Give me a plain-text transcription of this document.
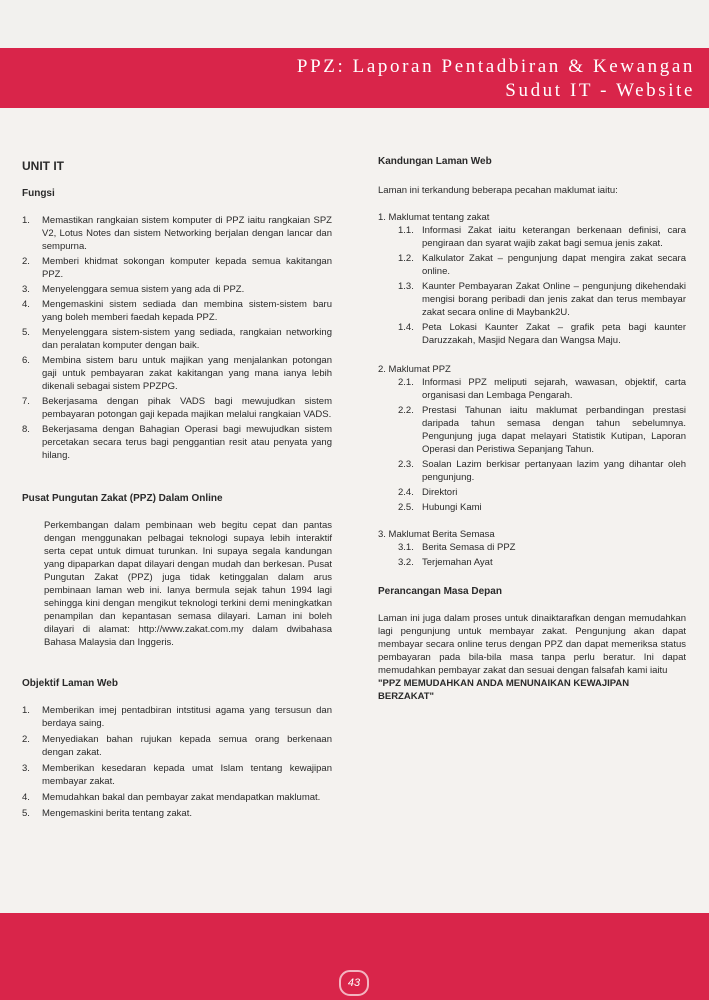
PPZ: Laporan Pentadbiran & Kewangan
Sudut IT - Website
UNIT IT
Fungsi
1. Memastikan rangkaian sistem komputer di PPZ iaitu rangkaian SPZ V2, Lotus Notes dan sistem Networking berjalan dengan lancar dan sempurna.
2. Memberi khidmat sokongan komputer kepada semua kakitangan PPZ.
3. Menyelenggara semua sistem yang ada di PPZ.
4. Mengemaskini sistem sediada dan membina sistem-sistem baru yang boleh memberi faedah kepada PPZ.
5. Menyelenggara sistem-sistem yang sediada, rangkaian networking dan peralatan komputer dengan baik.
6. Membina sistem baru untuk majikan yang menjalankan potongan gaji untuk pembayaran zakat kakitangan yang mana ianya lebih dikenali sebagai sistem PPZPG.
7. Bekerjasama dengan pihak VADS bagi mewujudkan sistem pembayaran potongan gaji kepada majikan melalui rangkaian VADS.
8. Bekerjasama dengan Bahagian Operasi bagi mewujudkan sistem percetakan secara terus bagi penggantian resit atau penyata yang hilang.
Pusat Pungutan Zakat (PPZ) Dalam Online

Perkembangan dalam pembinaan web begitu cepat dan pantas dengan menggunakan pelbagai teknologi supaya lebih interaktif serta cepat untuk dimuat turunkan. Ini supaya segala kandungan yang dipaparkan dapat dilayari dengan mudah dan berkesan. Pusat Pungutan Zakat (PPZ) juga tidak ketinggalan dalam arus pembinaan laman web ini. Ianya bermula sejak tahun 1994 lagi sehingga kini dengan mengikut teknologi terkini demi meningkatkan penampilan dan kepantasan semasa dilayari. Laman ini boleh dilayari di alamat: http://www.zakat.com.my dalam dwibahasa Bahasa Malaysia dan Inggeris.

Objektif Laman Web
1. Memberikan imej pentadbiran intstitusi agama yang tersusun dan berdaya saing.
2. Menyediakan bahan rujukan kepada semua orang berkenaan dengan zakat.
3. Memberikan kesedaran kepada umat Islam tentang kewajipan membayar zakat.
4. Memudahkan bakal dan pembayar zakat mendapatkan maklumat.
5. Mengemaskini berita tentang zakat.
Kandungan Laman Web

Laman ini terkandung beberapa pecahan maklumat iaitu:

1. Maklumat tentang zakat
1.1. Informasi Zakat iaitu keterangan berkenaan definisi, cara pengiraan dan syarat wajib zakat bagi semua jenis zakat.
1.2. Kalkulator Zakat – pengunjung dapat mengira zakat secara online.
1.3. Kaunter Pembayaran Zakat Online – pengunjung dikehendaki mengisi borang peribadi dan jenis zakat dan terus membayar zakat secara online di Maybank2U.
1.4. Peta Lokasi Kaunter Zakat – grafik peta bagi kaunter Daruzzakah, Masjid Negara dan Wangsa Maju.
2. Maklumat PPZ
2.1. Informasi PPZ meliputi sejarah, wawasan, objektif, carta organisasi dan Lembaga Pengarah.
2.2. Prestasi Tahunan iaitu maklumat perbandingan prestasi daripada tahun semasa dengan tahun sebelumnya. Pengunjung juga dapat melayari Statistik Kutipan, Laporan Operasi dan Peristiwa Sepanjang Tahun.
2.3. Soalan Lazim berkisar pertanyaan lazim yang dihantar oleh pengunjung.
2.4. Direktori
2.5. Hubungi Kami
3. Maklumat Berita Semasa
3.1. Berita Semasa di PPZ
3.2. Terjemahan Ayat
Perancangan Masa Depan

Laman ini juga dalam proses untuk dinaiktarafkan dengan memudahkan lagi pengunjung untuk membayar zakat. Pengunjung akan dapat membayar secara online terus dengan PPZ dan dapat memeriksa status pembayaran pada bila-bila masa tanpa perlu beratur. Ini dapat memudahkan pembayar zakat dan sesuai dengan falsafah kami iaitu

"PPZ MEMUDAHKAN ANDA MENUNAIKAN KEWAJIPAN BERZAKAT"

43
